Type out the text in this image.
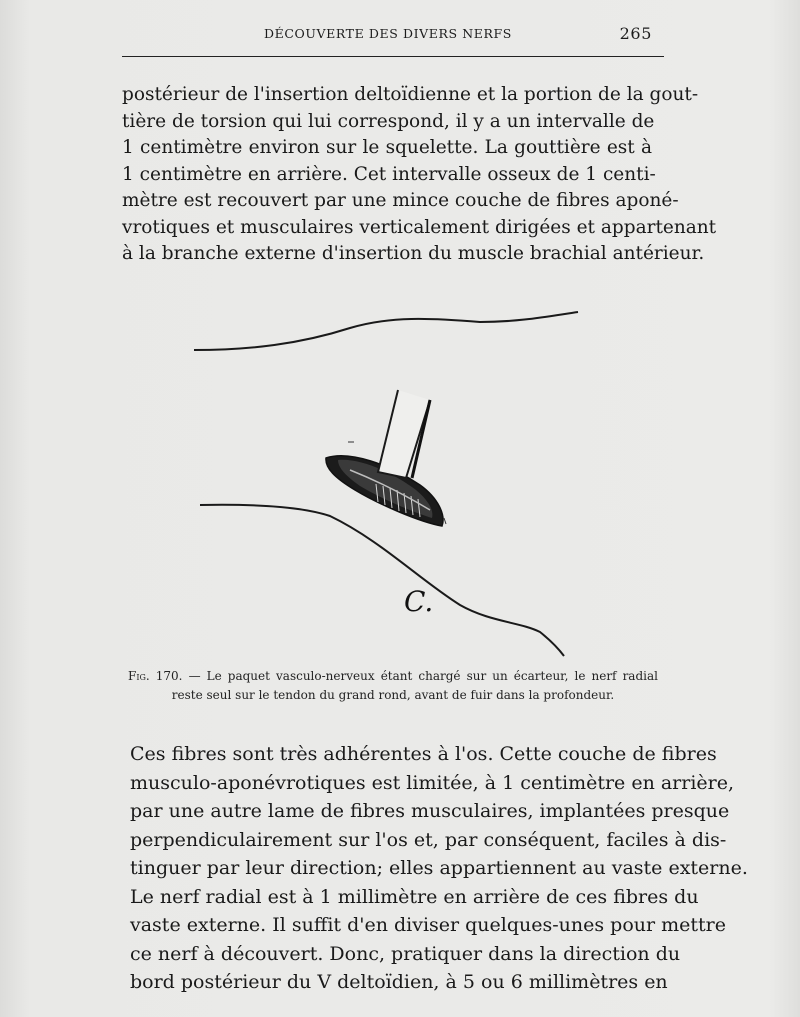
DÉCOUVERTE DES DIVERS NERFS	265
postérieur de l'insertion deltoïdienne et la portion de la gout-
tière de torsion qui lui correspond, il y a un intervalle de
1 centimètre environ sur le squelette. La gouttière est à
1 centimètre en arrière. Cet intervalle osseux de 1 centi-
mètre est recouvert par une mince couche de fibres aponé-
vrotiques et musculaires verticalement dirigées et appartenant
à la branche externe d'insertion du muscle brachial antérieur.
C.
Fig. 170. — Le paquet vasculo-nerveux étant chargé sur un écarteur, le nerf radial
reste seul sur le tendon du grand rond, avant de fuir dans la profondeur.
Ces fibres sont très adhérentes à l'os. Cette couche de fibres
musculo-aponévrotiques est limitée, à 1 centimètre en arrière,
par une autre lame de fibres musculaires, implantées presque
perpendiculairement sur l'os et, par conséquent, faciles à dis-
tinguer par leur direction; elles appartiennent au vaste externe.
Le nerf radial est à 1 millimètre en arrière de ces fibres du
vaste externe. Il suffit d'en diviser quelques-unes pour mettre
ce nerf à découvert. Donc, pratiquer dans la direction du
bord postérieur du V deltoïdien, à 5 ou 6 millimètres en
